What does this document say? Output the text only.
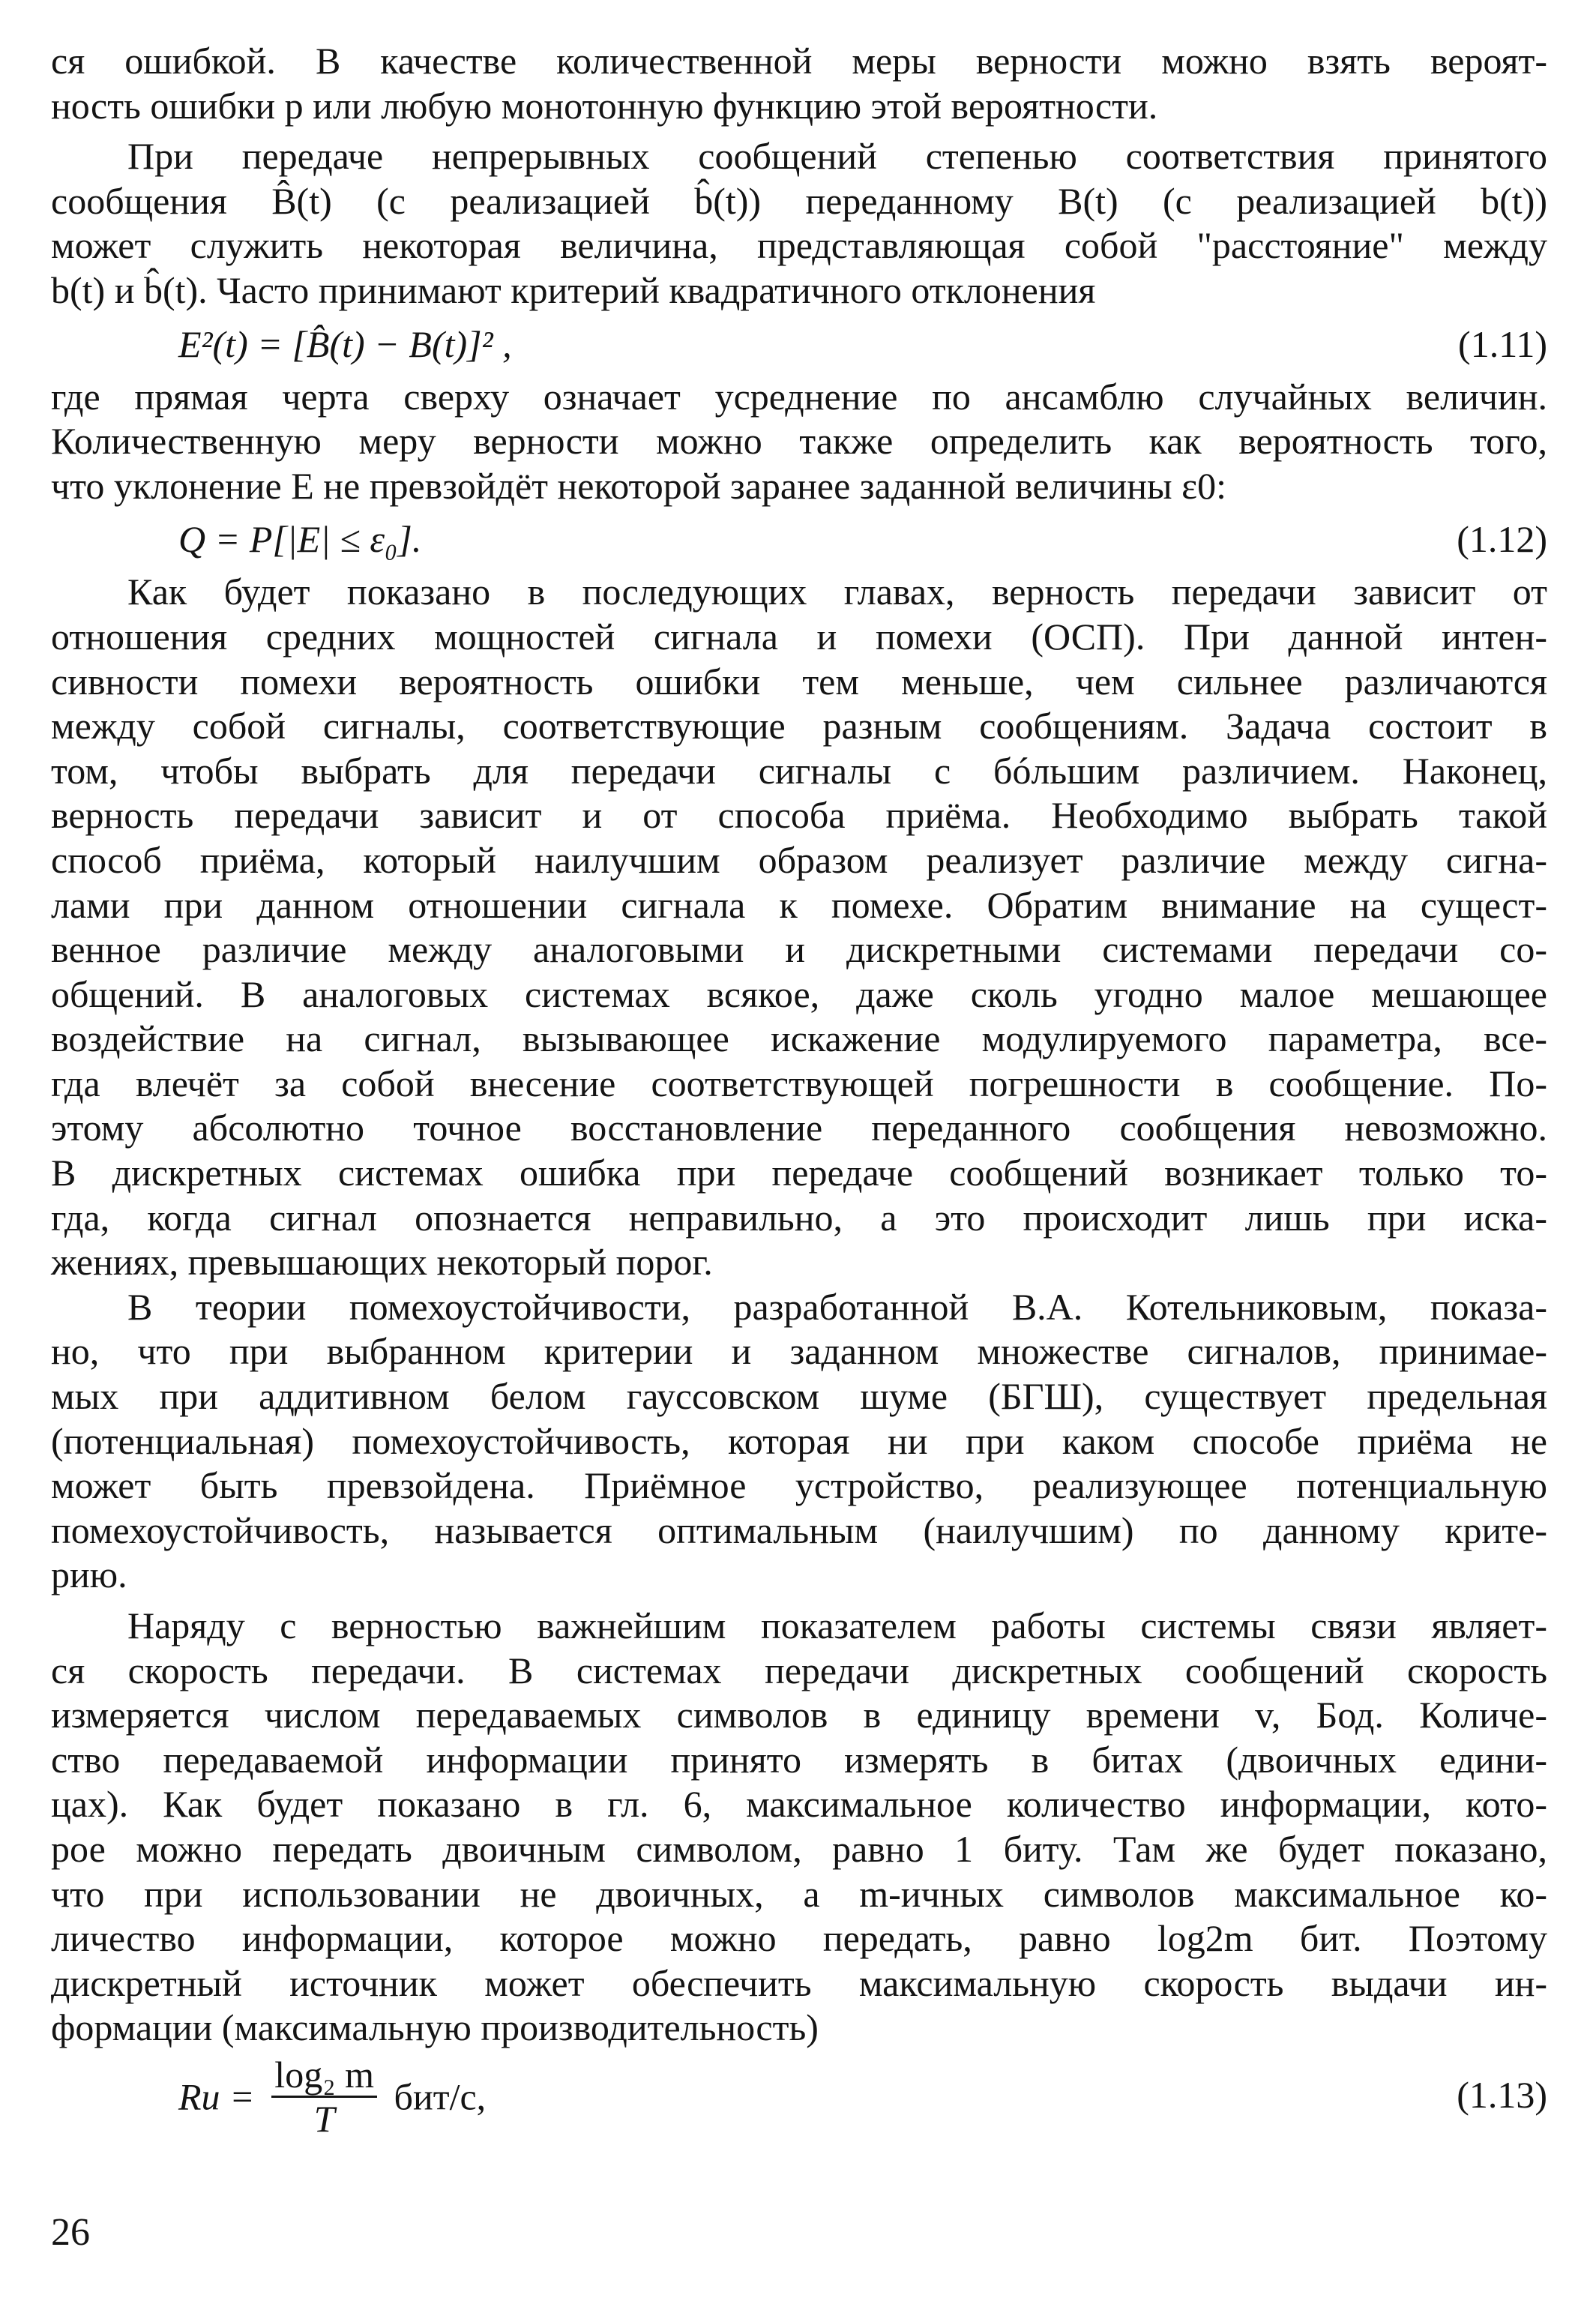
ся ошибкой. В качестве количественной меры верности можно взять вероят-

ность ошибки p или любую монотонную функцию этой вероятности.

При передаче непрерывных сообщений степенью соответствия принятого

сообщения B̂(t) (с реализацией b̂(t)) переданному B(t) (с реализацией b(t))

может служить некоторая величина, представляющая собой "расстояние" между

b(t) и b̂(t). Часто принимают критерий квадратичного отклонения

E²(t) = [B̂(t) − B(t)]² ,	(1.11)

где прямая черта сверху означает усреднение по ансамблю случайных величин.

Количественную меру верности можно также определить как вероятность того,

что уклонение E не превзойдёт некоторой заранее заданной величины ε0:

Q = P[|E| ≤ ε₀].	(1.12)

Как будет показано в последующих главах, верность передачи зависит от

отношения средних мощностей сигнала и помехи (ОСП). При данной интен-

сивности помехи вероятность ошибки тем меньше, чем сильнее различаются

между собой сигналы, соответствующие разным сообщениям. Задача состоит в

том, чтобы выбрать для передачи сигналы с бóльшим различием. Наконец,

верность передачи зависит и от способа приёма. Необходимо выбрать такой

способ приёма, который наилучшим образом реализует различие между сигна-

лами при данном отношении сигнала к помехе. Обратим внимание на сущест-

венное различие между аналоговыми и дискретными системами передачи со-

общений. В аналоговых системах всякое, даже сколь угодно малое мешающее

воздействие на сигнал, вызывающее искажение модулируемого параметра, все-

гда влечёт за собой внесение соответствующей погрешности в сообщение. По-

этому абсолютно точное восстановление переданного сообщения невозможно.

В дискретных системах ошибка при передаче сообщений возникает только то-

гда, когда сигнал опознается неправильно, а это происходит лишь при иска-

жениях, превышающих некоторый порог.

В теории помехоустойчивости, разработанной В.А. Котельниковым, показа-

но, что при выбранном критерии и заданном множестве сигналов, принимае-

мых при аддитивном белом гауссовском шуме (БГШ), существует предельная

(потенциальная) помехоустойчивость, которая ни при каком способе приёма не

может быть превзойдена. Приёмное устройство, реализующее потенциальную

помехоустойчивость, называется оптимальным (наилучшим) по данному крите-

рию.

Наряду с верностью важнейшим показателем работы системы связи являет-

ся скорость передачи. В системах передачи дискретных сообщений скорость

измеряется числом передаваемых символов в единицу времени v, Бод. Количе-

ство передаваемой информации принято измерять в битах (двоичных едини-

цах). Как будет показано в гл. 6, максимальное количество информации, кото-

рое можно передать двоичным символом, равно 1 биту. Там же будет показано,

что при использовании не двоичных, а m-ичных символов максимальное ко-

личество информации, которое можно передать, равно log2m бит. Поэтому

дискретный источник может обеспечить максимальную скорость выдачи ин-

формации (максимальную производительность)

Rи = $\frac{\text{log₂ m}}{T} бит/с$,	(1.13)
26
